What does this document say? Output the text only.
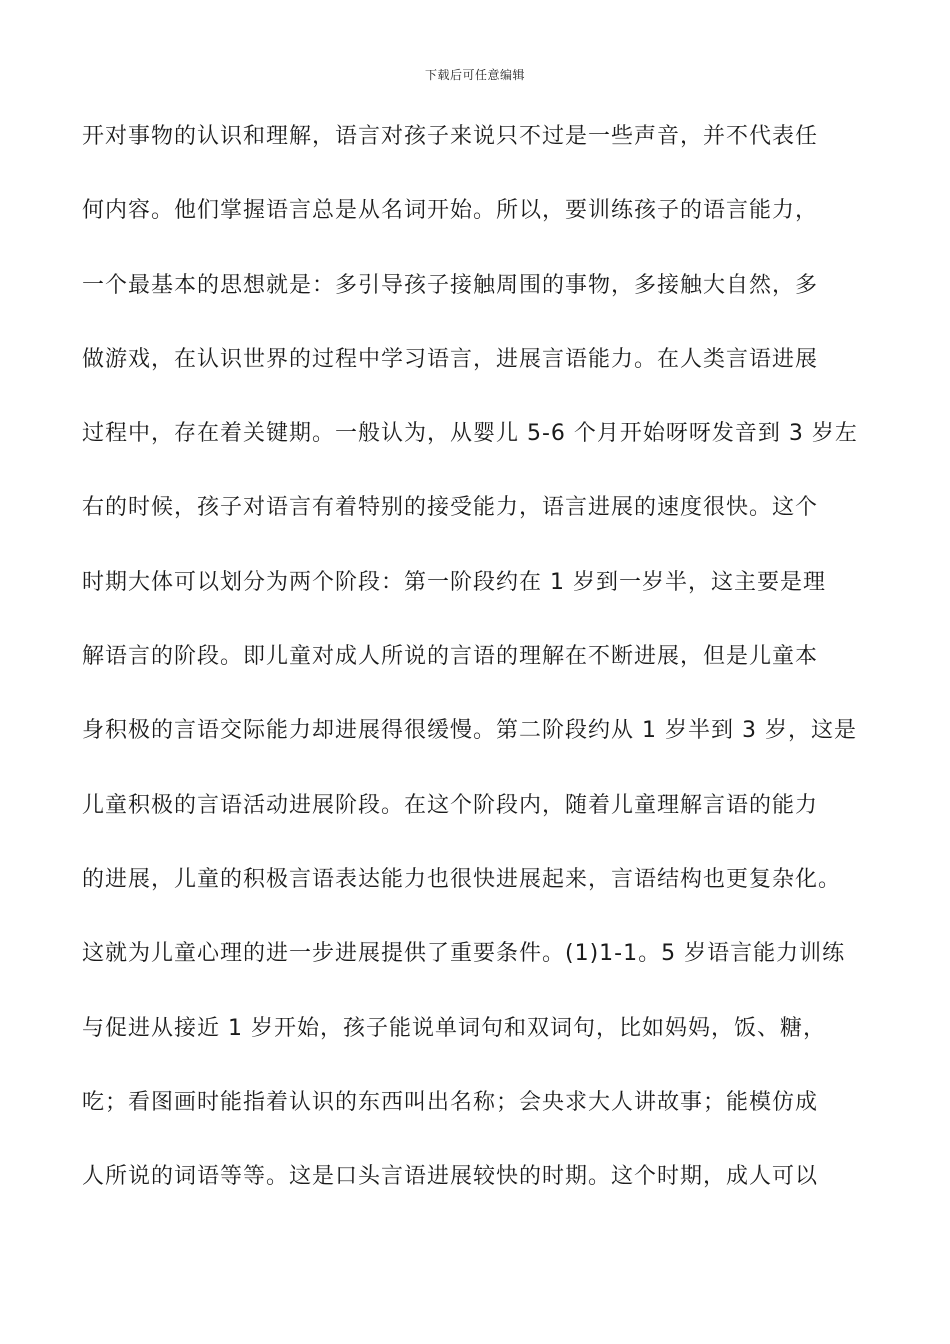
下载后可任意编辑
开对事物的认识和理解，语言对孩子来说只不过是一些声音，并不代表任
何内容。他们掌握语言总是从名词开始。所以，要训练孩子的语言能力，
一个最基本的思想就是：多引导孩子接触周围的事物，多接触大自然，多
做游戏，在认识世界的过程中学习语言，进展言语能力。在人类言语进展
过程中，存在着关键期。一般认为，从婴儿 5-6 个月开始呀呀发音到 3 岁左
右的时候，孩子对语言有着特别的接受能力，语言进展的速度很快。这个
时期大体可以划分为两个阶段：第一阶段约在 1 岁到一岁半，这主要是理
解语言的阶段。即儿童对成人所说的言语的理解在不断进展，但是儿童本
身积极的言语交际能力却进展得很缓慢。第二阶段约从 1 岁半到 3 岁，这是
儿童积极的言语活动进展阶段。在这个阶段内，随着儿童理解言语的能力
的进展，儿童的积极言语表达能力也很快进展起来，言语结构也更复杂化。
这就为儿童心理的进一步进展提供了重要条件。(1)1-1。5 岁语言能力训练
与促进从接近 1 岁开始，孩子能说单词句和双词句，比如妈妈，饭、糖，
吃；看图画时能指着认识的东西叫出名称；会央求大人讲故事；能模仿成
人所说的词语等等。这是口头言语进展较快的时期。这个时期，成人可以
